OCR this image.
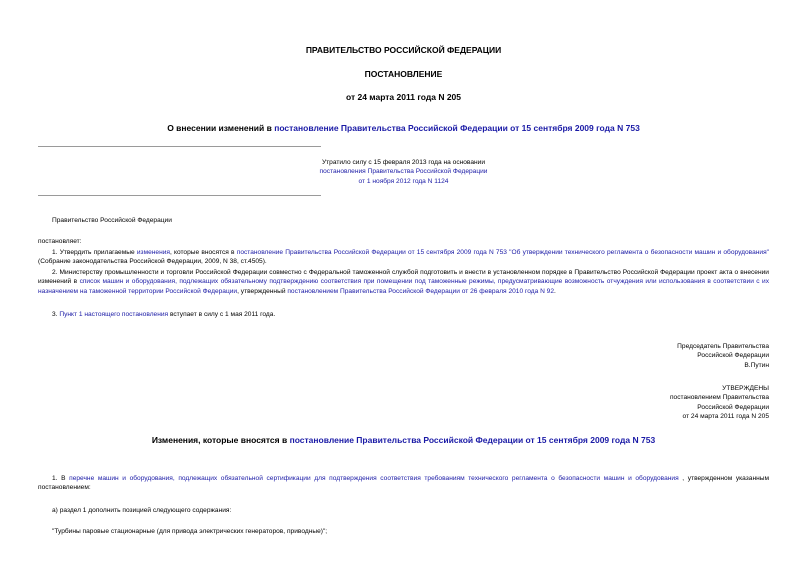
ПРАВИТЕЛЬСТВО РОССИЙСКОЙ ФЕДЕРАЦИИ
ПОСТАНОВЛЕНИЕ
от 24 марта 2011 года N 205
О внесении изменений в постановление Правительства Российской Федерации от 15 сентября 2009 года N 753
Утратило силу с 15 февраля 2013 года на основании
постановления Правительства Российской Федерации
от 1 ноября 2012 года N 1124
Правительство Российской Федерации
постановляет:
1. Утвердить прилагаемые изменения, которые вносятся в постановление Правительства Российской Федерации от 15 сентября 2009 года N 753 "Об утверждении технического регламента о безопасности машин и оборудования" (Собрание законодательства Российской Федерации, 2009, N 38, ст.4505).
2. Министерству промышленности и торговли Российской Федерации совместно с Федеральной таможенной службой подготовить и внести в установленном порядке в Правительство Российской Федерации проект акта о внесении изменений в список машин и оборудования, подлежащих обязательному подтверждению соответствия при помещении под таможенные режимы, предусматривающие возможность отчуждения или использования в соответствии с их назначением на таможенной территории Российской Федерации, утвержденный постановлением Правительства Российской Федерации от 26 февраля 2010 года N 92.
3. Пункт 1 настоящего постановления вступает в силу с 1 мая 2011 года.
Председатель Правительства
Российской Федерации
В.Путин
УТВЕРЖДЕНЫ
постановлением Правительства
Российской Федерации
от 24 марта 2011 года N 205
Изменения, которые вносятся в постановление Правительства Российской Федерации от 15 сентября 2009 года N 753
1. В перечне машин и оборудования, подлежащих обязательной сертификации для подтверждения соответствия требованиям технического регламента о безопасности машин и оборудования , утвержденном указанным постановлением:
а) раздел 1 дополнить позицией следующего содержания:
"Турбины паровые стационарные (для привода электрических генераторов, приводные)";
